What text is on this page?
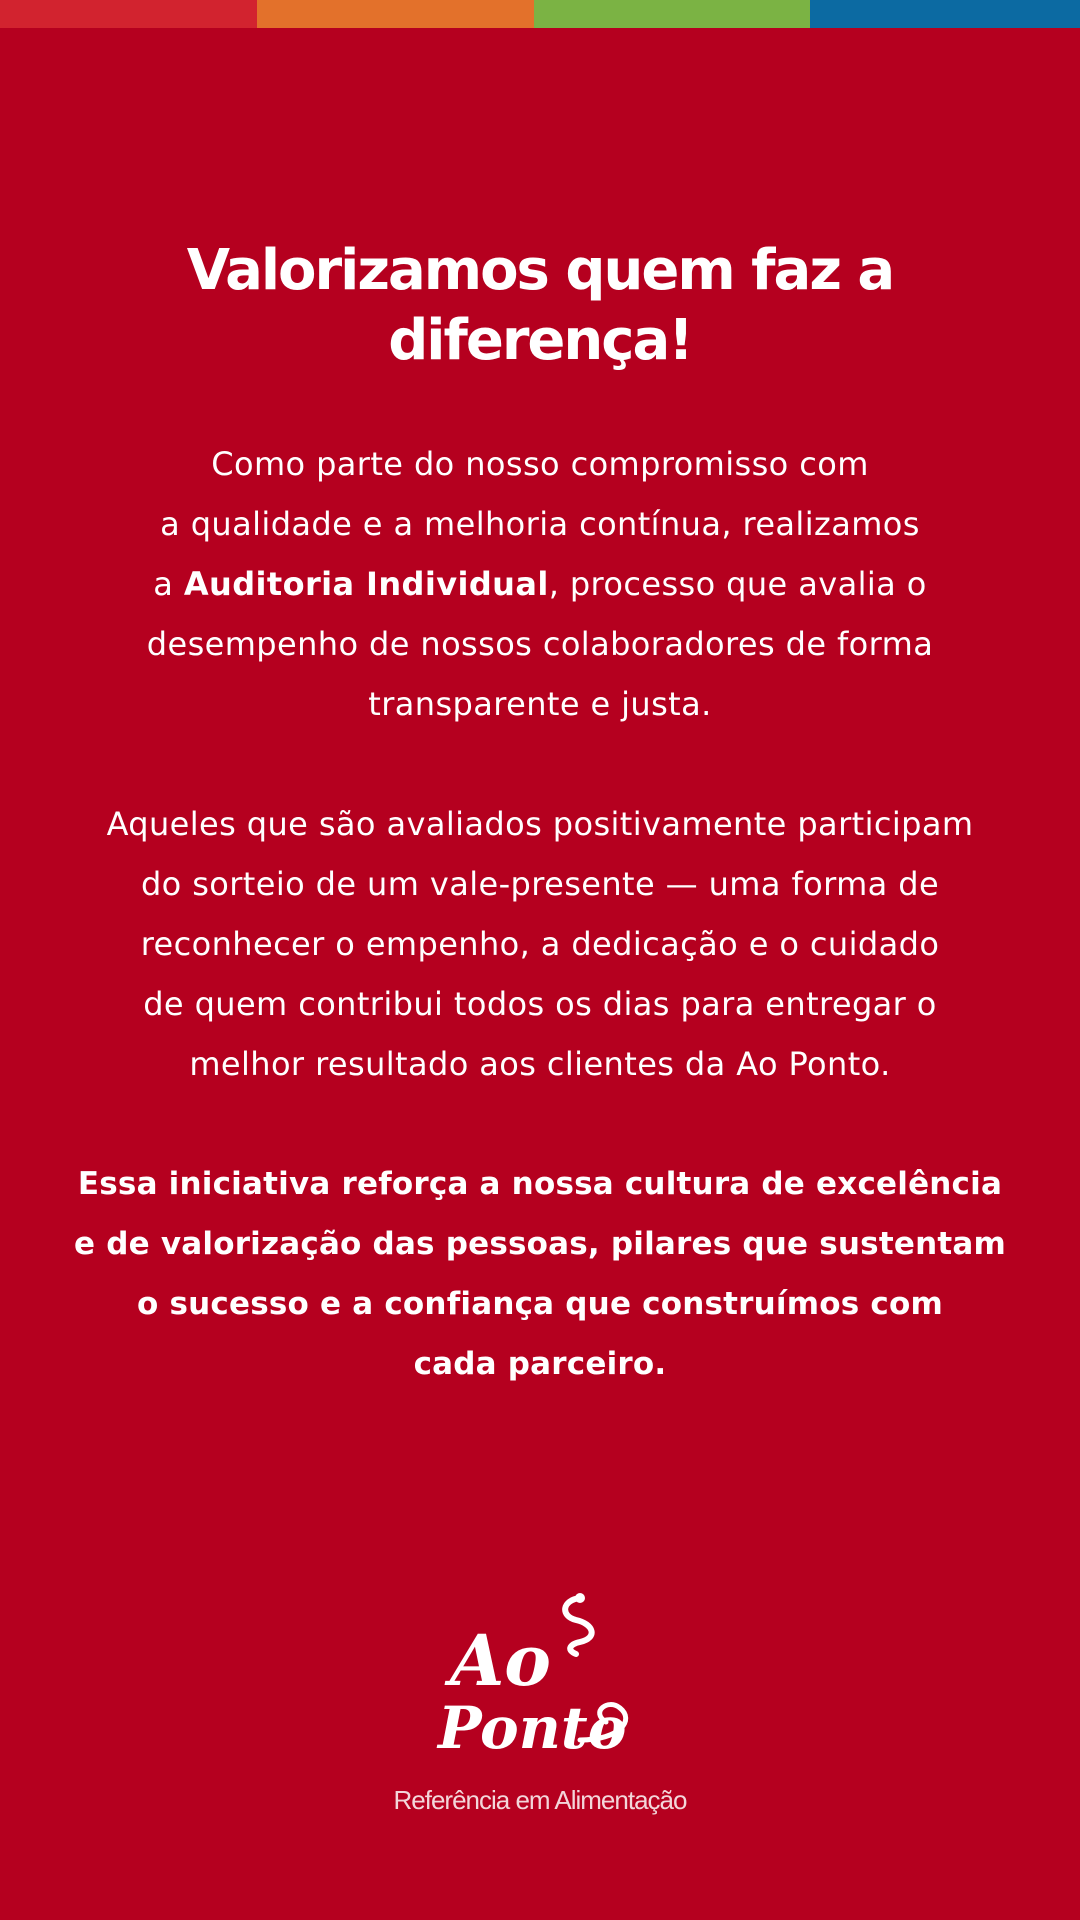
Valorizamos quem faz a diferença!

Como parte do nosso compromisso com
a qualidade e a melhoria contínua, realizamos
a Auditoria Individual, processo que avalia o
desempenho de nossos colaboradores de forma
transparente e justa.

Aqueles que são avaliados positivamente participam
do sorteio de um vale-presente — uma forma de
reconhecer o empenho, a dedicação e o cuidado
de quem contribui todos os dias para entregar o
melhor resultado aos clientes da Ao Ponto.

Essa iniciativa reforça a nossa cultura de excelência
e de valorização das pessoas, pilares que sustentam
o sucesso e a confiança que construímos com
cada parceiro.

Ao
Ponto

Referência em Alimentação
